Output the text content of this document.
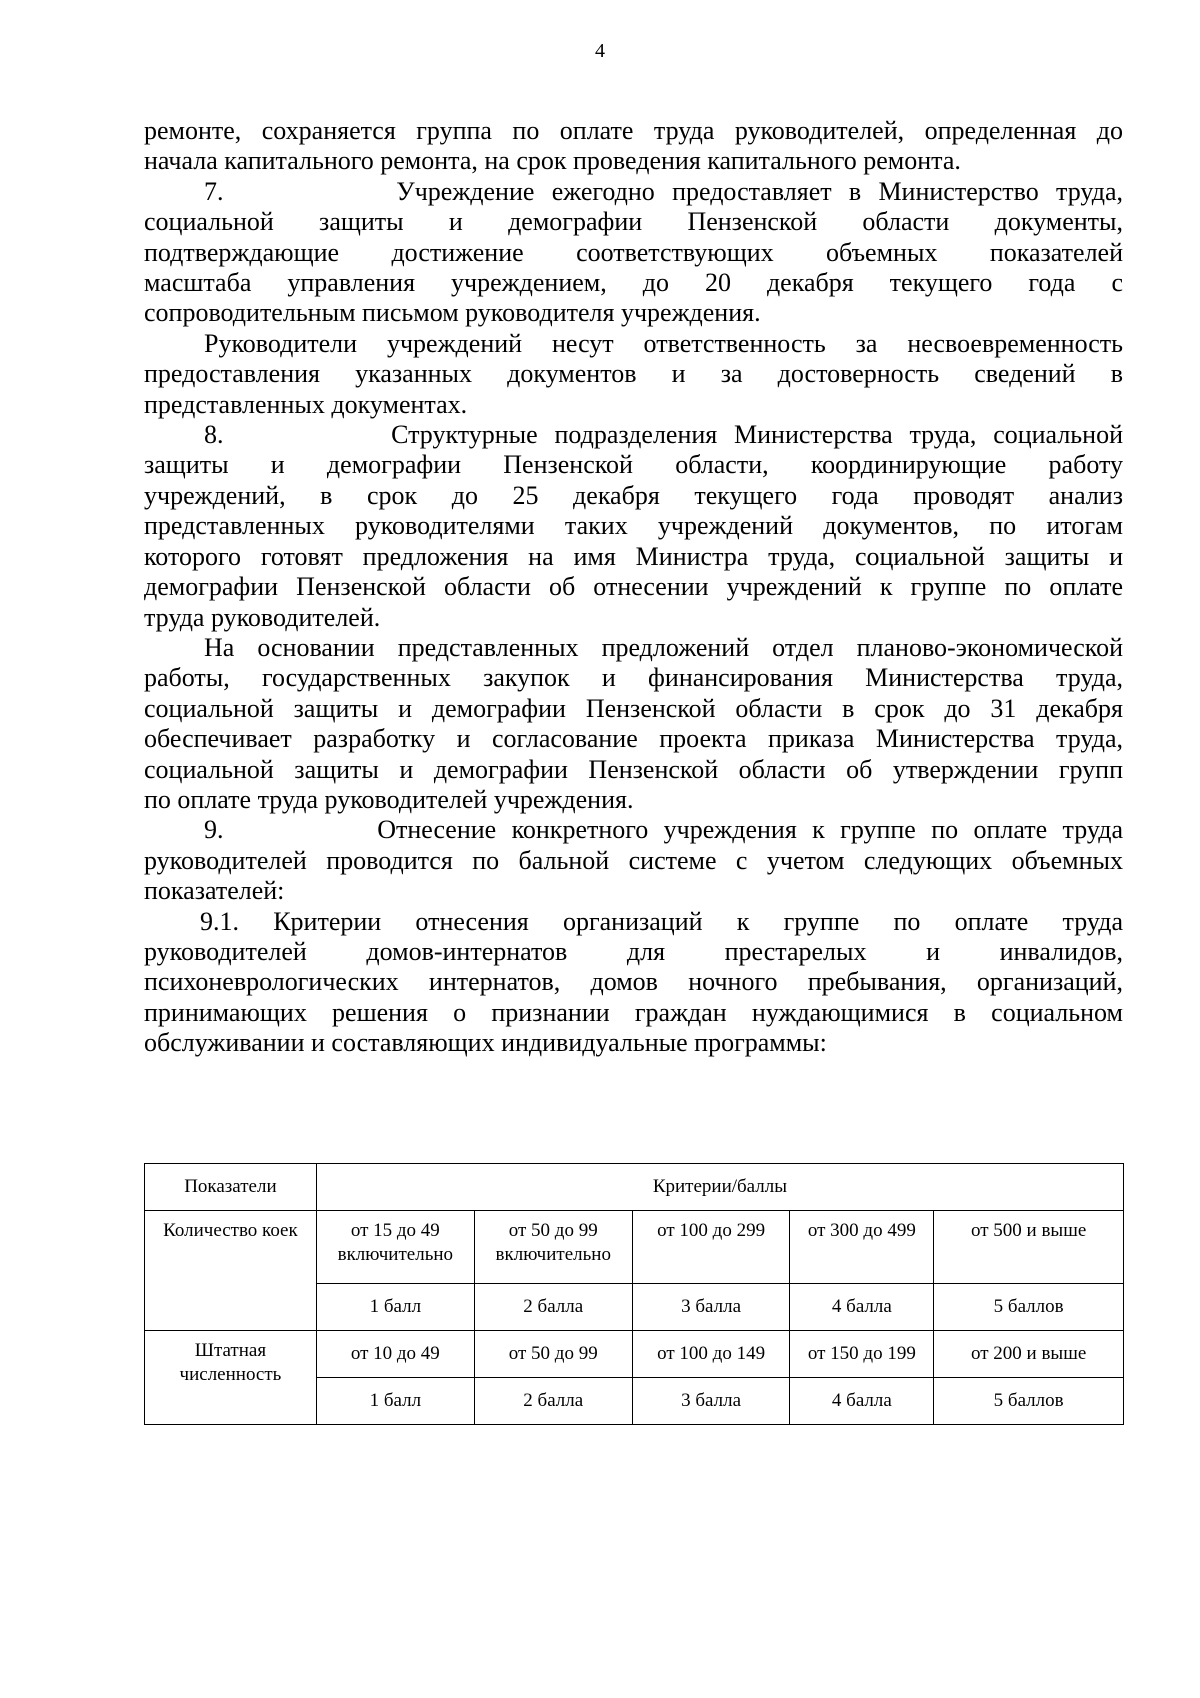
4

ремонте, сохраняется группа по оплате труда руководителей, определенная до
начала капитального ремонта, на срок проведения капитального ремонта.

7.          Учреждение ежегодно предоставляет в Министерство труда,
социальной защиты и демографии Пензенской области документы,
подтверждающие достижение соответствующих объемных показателей
масштаба управления учреждением, до 20 декабря текущего года с
сопроводительным письмом руководителя учреждения.

Руководители учреждений несут ответственность за несвоевременность
предоставления указанных документов и за достоверность сведений в
представленных документах.

8.          Структурные подразделения Министерства труда, социальной
защиты и демографии Пензенской области, координирующие работу
учреждений, в срок до 25 декабря текущего года проводят анализ
представленных руководителями таких учреждений документов, по итогам
которого готовят предложения на имя Министра труда, социальной защиты и
демографии Пензенской области об отнесении учреждений к группе по оплате
труда руководителей.

На основании представленных предложений отдел планово-экономической
работы, государственных закупок и финансирования Министерства труда,
социальной защиты и демографии Пензенской области в срок до 31 декабря
обеспечивает разработку и согласование проекта приказа Министерства труда,
социальной защиты и демографии Пензенской области об утверждении групп
по оплате труда руководителей учреждения.

9.          Отнесение конкретного учреждения к группе по оплате труда
руководителей проводится по бальной системе с учетом следующих объемных
показателей:

9.1. Критерии отнесения организаций к группе по оплате труда
руководителей домов-интернатов для престарелых и инвалидов,
психоневрологических интернатов, домов ночного пребывания, организаций,
принимающих решения о признании граждан нуждающимися в социальном
обслуживании и составляющих индивидуальные программы:

Показатели	Критерии/баллы				
Количество коек	от 15 до 49 включительно	от 50 до 99 включительно	от 100 до 299	от 300 до 499	от 500 и выше
	1 балл	2 балла	3 балла	4 балла	5 баллов
Штатная численность	от 10 до 49	от 50 до 99	от 100 до 149	от 150 до 199	от 200 и выше
	1 балл	2 балла	3 балла	4 балла	5 баллов
